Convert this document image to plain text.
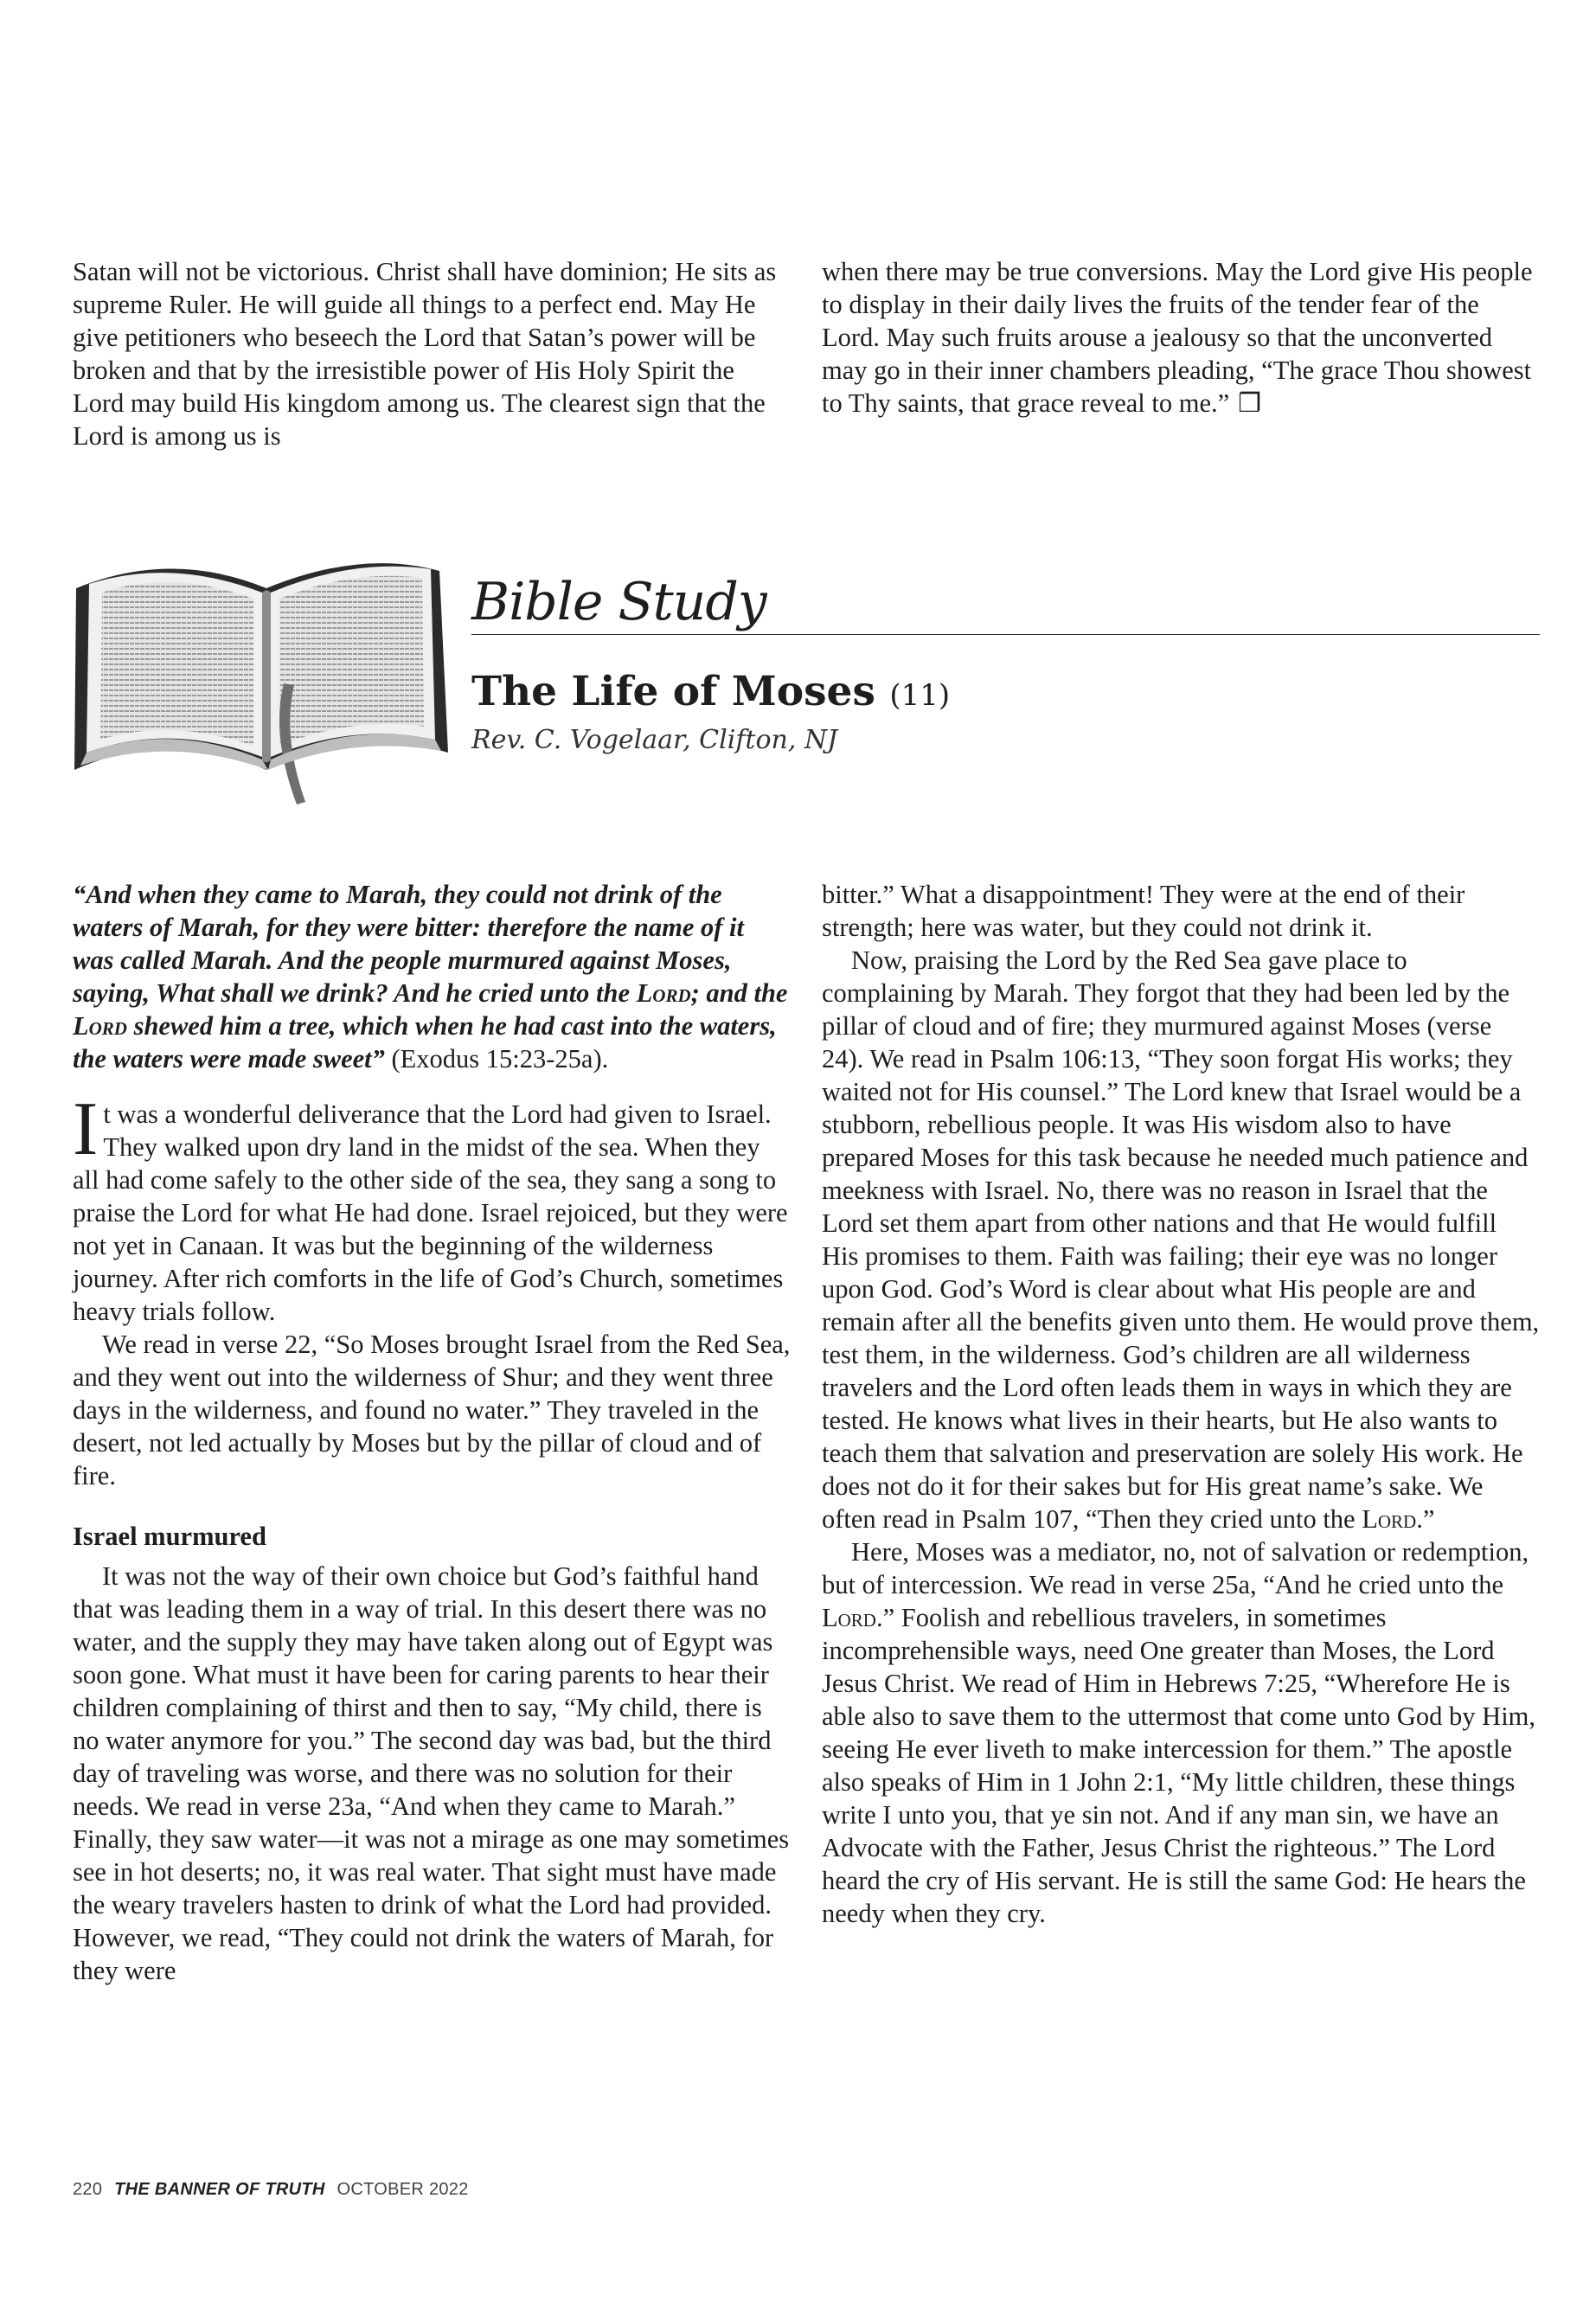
Satan will not be victorious. Christ shall have dominion; He sits as supreme Ruler. He will guide all things to a perfect end. May He give petitioners who beseech the Lord that Satan’s power will be broken and that by the irresistible power of His Holy Spirit the Lord may build His kingdom among us. The clearest sign that the Lord is among us is

when there may be true conversions. May the Lord give His people to display in their daily lives the fruits of the tender fear of the Lord. May such fruits arouse a jealousy so that the unconverted may go in their inner chambers pleading, “The grace Thou showest to Thy saints, that grace reveal to me.” ❒

Bible Study
The Life of Moses (11)
Rev. C. Vogelaar, Clifton, NJ

“And when they came to Marah, they could not drink of the waters of Marah, for they were bitter: therefore the name of it was called Marah. And the people murmured against Moses, saying, What shall we drink? And he cried unto the Lord; and the Lord shewed him a tree, which when he had cast into the waters, the waters were made sweet” (Exodus 15:23-25a).

It was a wonderful deliverance that the Lord had given to Israel. They walked upon dry land in the midst of the sea. When they all had come safely to the other side of the sea, they sang a song to praise the Lord for what He had done. Israel rejoiced, but they were not yet in Canaan. It was but the beginning of the wilderness journey. After rich comforts in the life of God’s Church, sometimes heavy trials follow.

We read in verse 22, “So Moses brought Israel from the Red Sea, and they went out into the wilderness of Shur; and they went three days in the wilderness, and found no water.” They traveled in the desert, not led actually by Moses but by the pillar of cloud and of fire.

Israel murmured

It was not the way of their own choice but God’s faithful hand that was leading them in a way of trial. In this desert there was no water, and the supply they may have taken along out of Egypt was soon gone. What must it have been for caring parents to hear their children complaining of thirst and then to say, “My child, there is no water anymore for you.” The second day was bad, but the third day of traveling was worse, and there was no solution for their needs. We read in verse 23a, “And when they came to Marah.” Finally, they saw water—it was not a mirage as one may sometimes see in hot deserts; no, it was real water. That sight must have made the weary travelers hasten to drink of what the Lord had provided. However, we read, “They could not drink the waters of Marah, for they were

bitter.” What a disappointment! They were at the end of their strength; here was water, but they could not drink it.

Now, praising the Lord by the Red Sea gave place to complaining by Marah. They forgot that they had been led by the pillar of cloud and of fire; they murmured against Moses (verse 24). We read in Psalm 106:13, “They soon forgat His works; they waited not for His counsel.” The Lord knew that Israel would be a stubborn, rebellious people. It was His wisdom also to have prepared Moses for this task because he needed much patience and meekness with Israel. No, there was no reason in Israel that the Lord set them apart from other nations and that He would fulfill His promises to them. Faith was failing; their eye was no longer upon God. God’s Word is clear about what His people are and remain after all the benefits given unto them. He would prove them, test them, in the wilderness. God’s children are all wilderness travelers and the Lord often leads them in ways in which they are tested. He knows what lives in their hearts, but He also wants to teach them that salvation and preservation are solely His work. He does not do it for their sakes but for His great name’s sake. We often read in Psalm 107, “Then they cried unto the Lord.”

Here, Moses was a mediator, no, not of salvation or redemption, but of intercession. We read in verse 25a, “And he cried unto the Lord.” Foolish and rebellious travelers, in sometimes incomprehensible ways, need One greater than Moses, the Lord Jesus Christ. We read of Him in Hebrews 7:25, “Wherefore He is able also to save them to the uttermost that come unto God by Him, seeing He ever liveth to make intercession for them.” The apostle also speaks of Him in 1 John 2:1, “My little children, these things write I unto you, that ye sin not. And if any man sin, we have an Advocate with the Father, Jesus Christ the righteous.” The Lord heard the cry of His servant. He is still the same God: He hears the needy when they cry.

220 THE BANNER OF TRUTH OCTOBER 2022
